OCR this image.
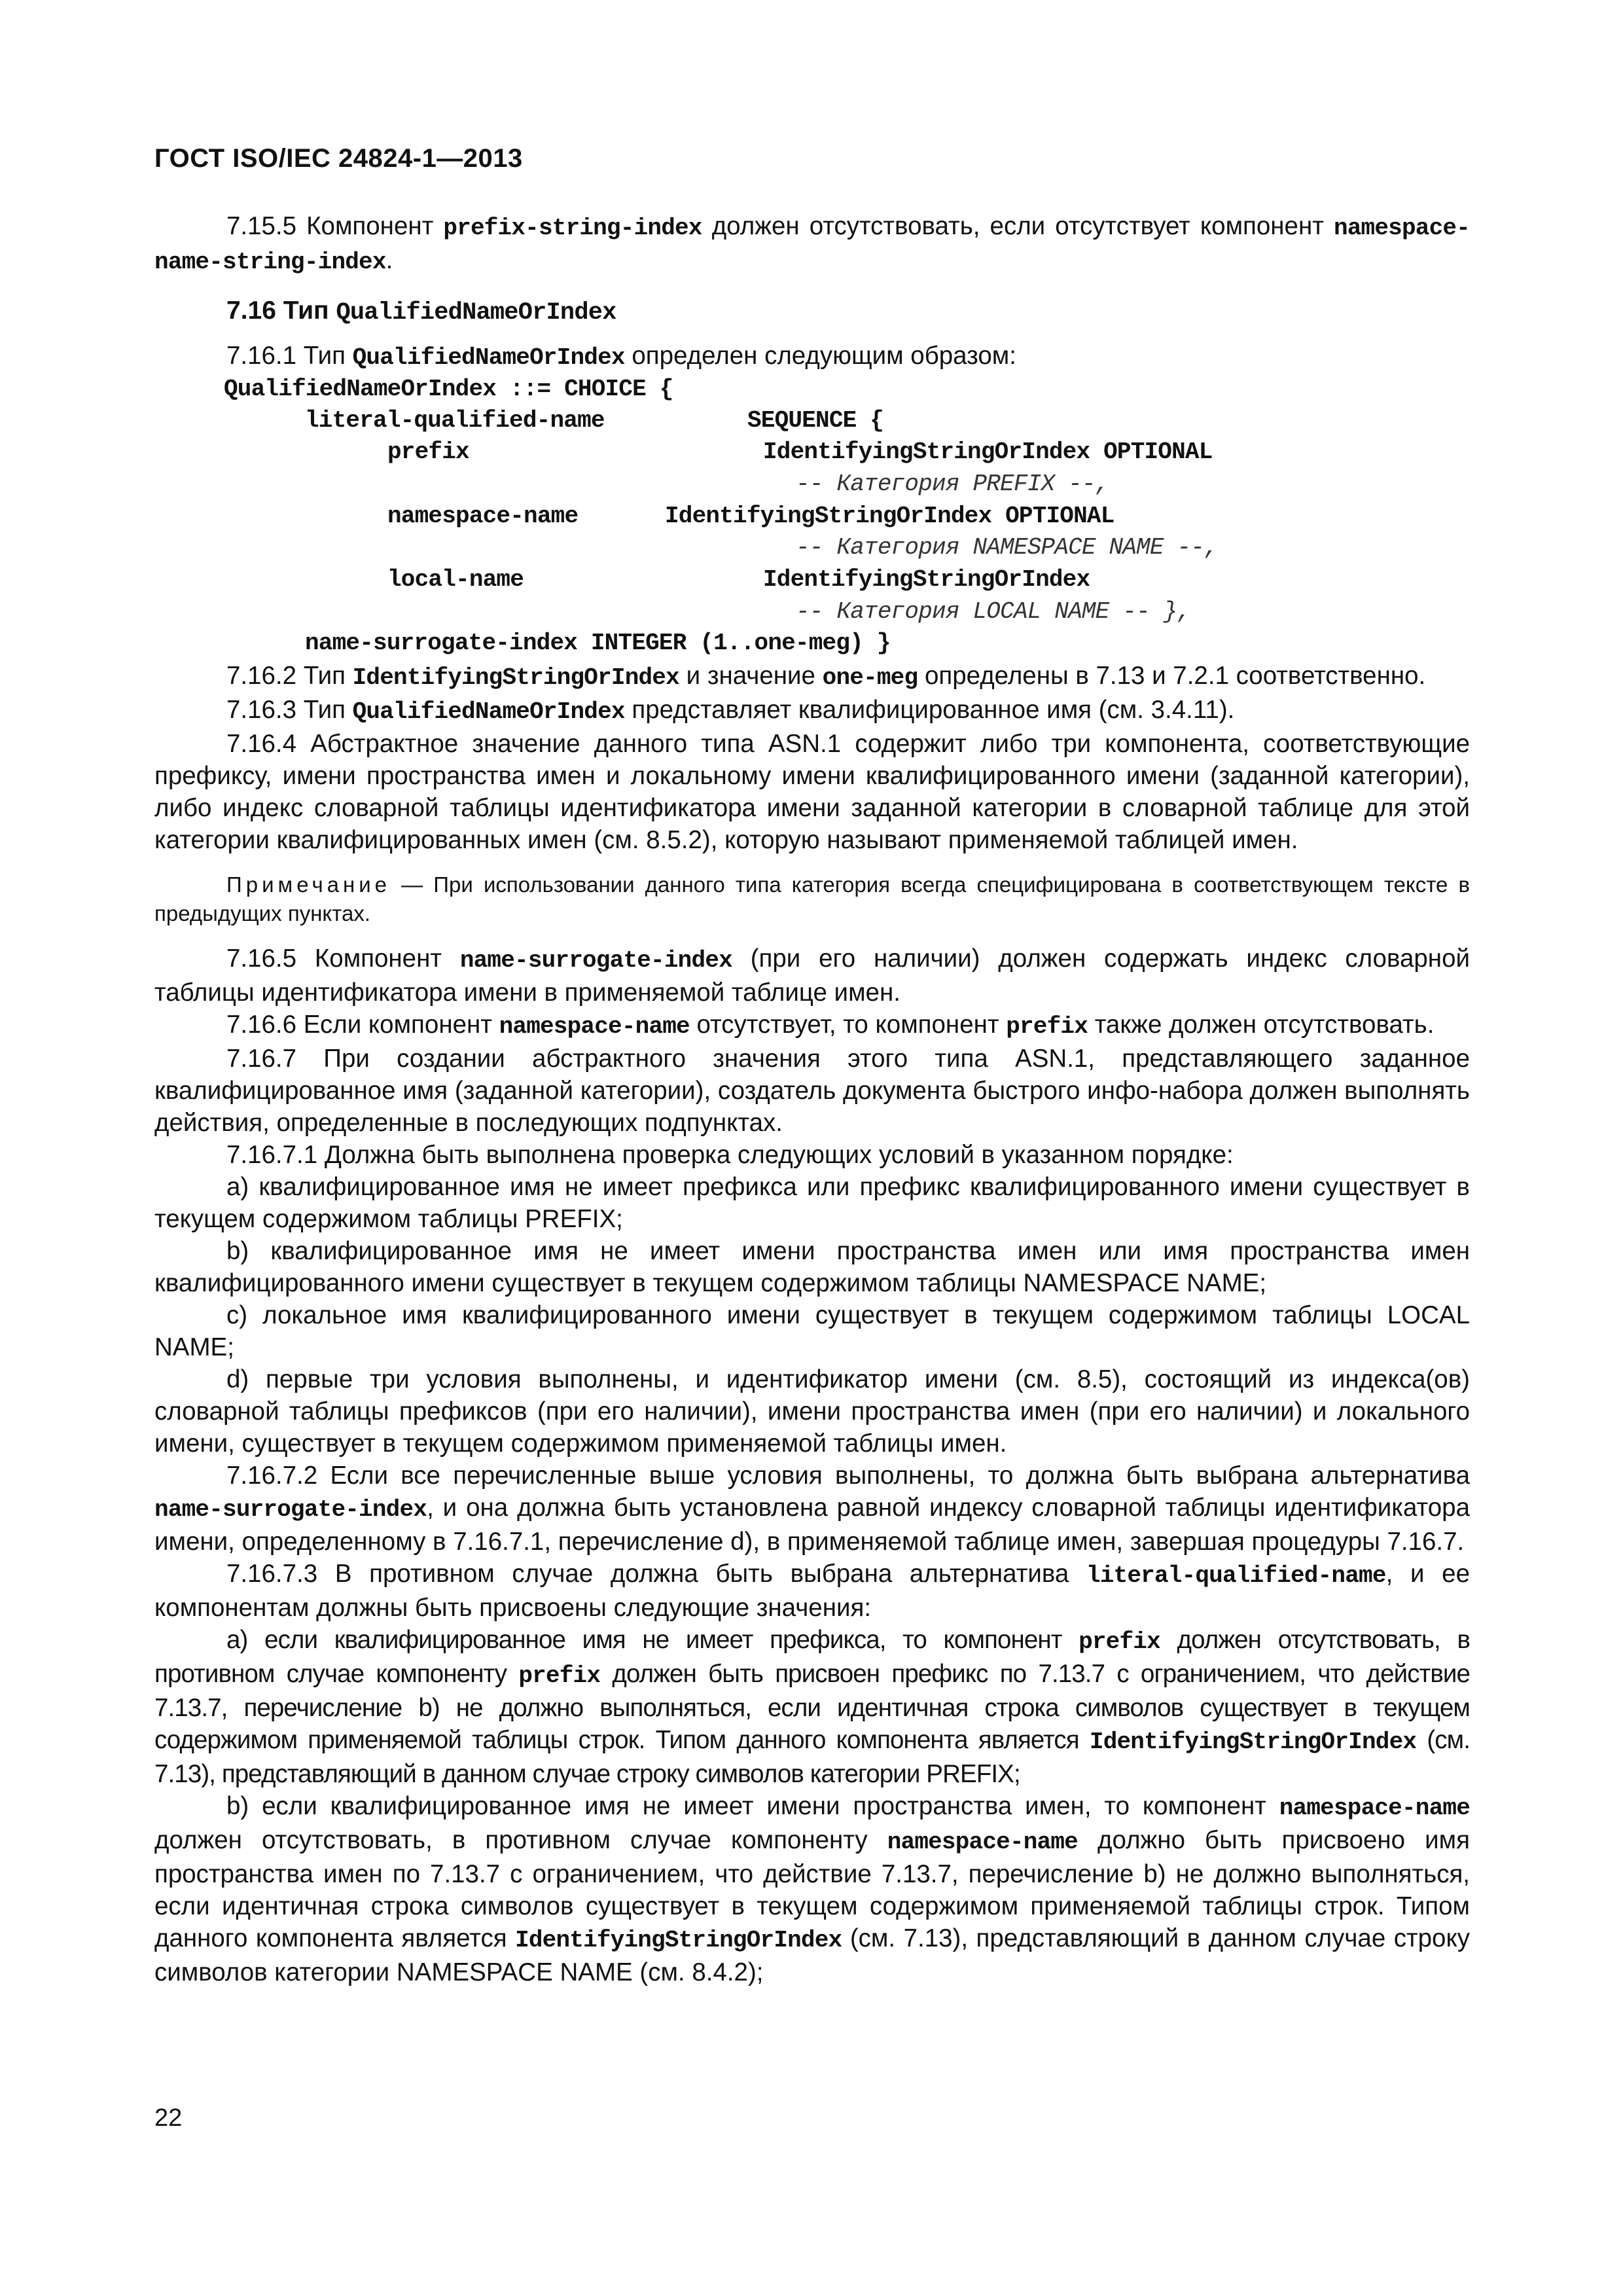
ГОСТ ISO/IEC 24824-1—2013

7.15.5 Компонент prefix-string-index должен отсутствовать, если отсутствует компонент namespace-name-string-index.

7.16 Тип QualifiedNameOrIndex

7.16.1 Тип QualifiedNameOrIndex определен следующим образом:

QualifiedNameOrIndex ::= CHOICE {
literal-qualified-name	SEQUENCE {
prefix	IdentifyingStringOrIndex OPTIONAL
-- Категория PREFIX --,
namespace-name	IdentifyingStringOrIndex OPTIONAL
-- Категория NAMESPACE NAME --,
local-name	IdentifyingStringOrIndex
-- Категория LOCAL NAME -- },
name-surrogate-index INTEGER (1..one-meg) }

7.16.2 Тип IdentifyingStringOrIndex и значение one-meg определены в 7.13 и 7.2.1 соответственно.

7.16.3 Тип QualifiedNameOrIndex представляет квалифицированное имя (см. 3.4.11).

7.16.4 Абстрактное значение данного типа ASN.1 содержит либо три компонента, соответствующие префиксу, имени пространства имен и локальному имени квалифицированного имени (заданной категории), либо индекс словарной таблицы идентификатора имени заданной категории в словарной таблице для этой категории квалифицированных имен (см. 8.5.2), которую называют применяемой таблицей имен.

Примечание — При использовании данного типа категория всегда специфицирована в соответствующем тексте в предыдущих пунктах.

7.16.5 Компонент name-surrogate-index (при его наличии) должен содержать индекс словарной таблицы идентификатора имени в применяемой таблице имен.

7.16.6 Если компонент namespace-name отсутствует, то компонент prefix также должен отсутствовать.

7.16.7 При создании абстрактного значения этого типа ASN.1, представляющего заданное квалифицированное имя (заданной категории), создатель документа быстрого инфо-набора должен выполнять действия, определенные в последующих подпунктах.

7.16.7.1 Должна быть выполнена проверка следующих условий в указанном порядке:

a) квалифицированное имя не имеет префикса или префикс квалифицированного имени существует в текущем содержимом таблицы PREFIX;

b) квалифицированное имя не имеет имени пространства имен или имя пространства имен квалифицированного имени существует в текущем содержимом таблицы NAMESPACE NAME;

c) локальное имя квалифицированного имени существует в текущем содержимом таблицы LOCAL NAME;

d) первые три условия выполнены, и идентификатор имени (см. 8.5), состоящий из индекса(ов) словарной таблицы префиксов (при его наличии), имени пространства имен (при его наличии) и локального имени, существует в текущем содержимом применяемой таблицы имен.

7.16.7.2 Если все перечисленные выше условия выполнены, то должна быть выбрана альтернатива name-surrogate-index, и она должна быть установлена равной индексу словарной таблицы идентификатора имени, определенному в 7.16.7.1, перечисление d), в применяемой таблице имен, завершая процедуры 7.16.7.

7.16.7.3 В противном случае должна быть выбрана альтернатива literal-qualified-name, и ее компонентам должны быть присвоены следующие значения:

a) если квалифицированное имя не имеет префикса, то компонент prefix должен отсутствовать, в противном случае компоненту prefix должен быть присвоен префикс по 7.13.7 с ограничением, что действие 7.13.7, перечисление b) не должно выполняться, если идентичная строка символов существует в текущем содержимом применяемой таблицы строк. Типом данного компонента является IdentifyingStringOrIndex (см. 7.13), представляющий в данном случае строку символов категории PREFIX;

b) если квалифицированное имя не имеет имени пространства имен, то компонент namespace-name должен отсутствовать, в противном случае компоненту namespace-name должно быть присвоено имя пространства имен по 7.13.7 с ограничением, что действие 7.13.7, перечисление b) не должно выполняться, если идентичная строка символов существует в текущем содержимом применяемой таблицы строк. Типом данного компонента является IdentifyingStringOrIndex (см. 7.13), представляющий в данном случае строку символов категории NAMESPACE NAME (см. 8.4.2);

22
